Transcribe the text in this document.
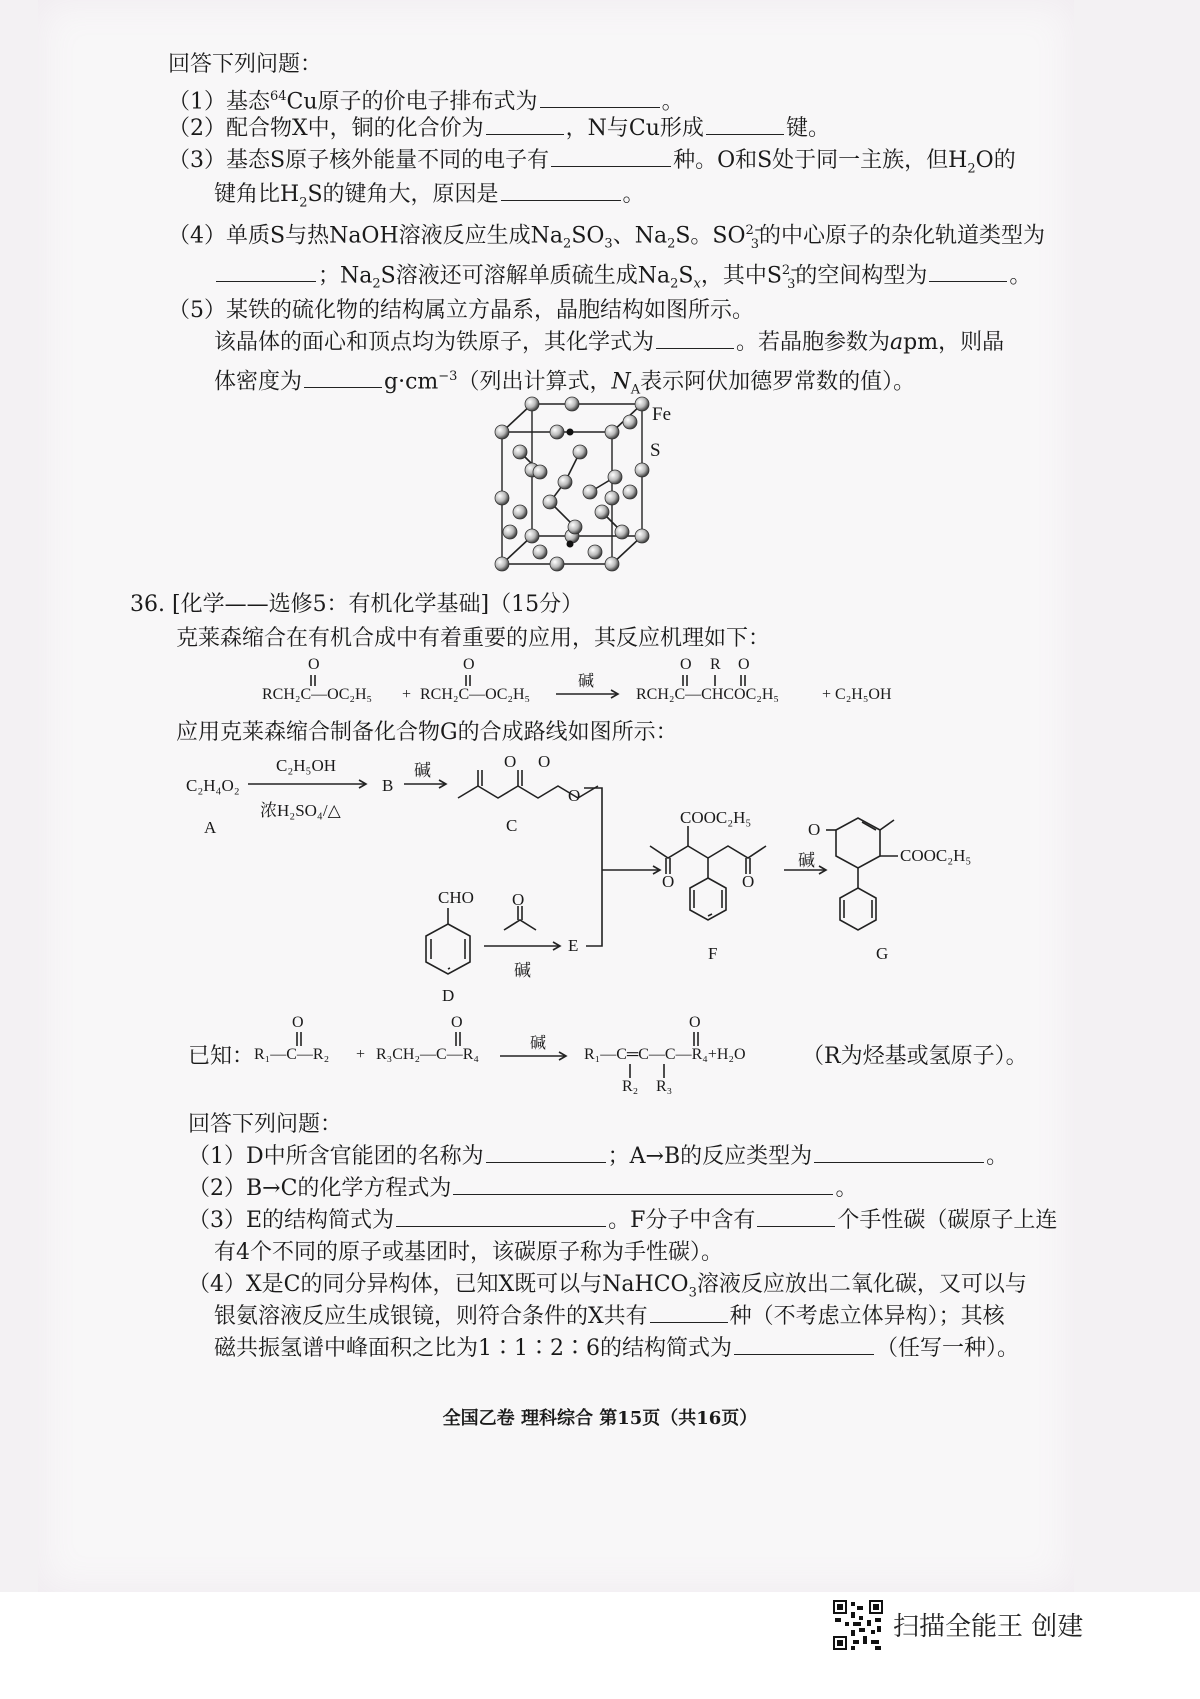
回答下列问题：
（1）基态$^{64}$Cu原子的价电子排布式为	。
（2）配合物X中，铜的化合价为	，N与Cu形成	键。
（3）基态S原子核外能量不同的电子有	种。O和S处于同一主族，但$H_2O$的
键角比$H_2S$的键角大，原因是	。
（4）单质S与热NaOH溶液反应生成$Na_2SO_3$、$Na_2S$。$SO^{2-}_3$的中心原子的杂化轨道类型为
；$Na_2S$溶液还可溶解单质硫生成$Na_2S_x$，其中$S^{2-}_3$的空间构型为	。
（5）某铁的硫化物的结构属立方晶系，晶胞结构如图所示。
该晶体的面心和顶点均为铁原子，其化学式为	。若晶胞参数为apm，则晶
体密度为	$g\cdot cm^{-3}$（列出计算式，$N_A$表示阿伏加德罗常数的值）。
Fe
S
36. [化学——选修5：有机化学基础]（15分）
克莱森缩合在有机合成中有着重要的应用，其反应机理如下：
O	O	O R O
RCH₂C—OC₂H₅ + RCH₂C—OC₂H₅
碱
RCH₂C—CHCOC₂H₅	+ C₂H₅OH
应用克莱森缩合制备化合物G的合成路线如图所示：
C₂H₄O₂
A
C₂H₅OH
浓H₂SO₄/△
B
碱
C
O O
O
COOC₂H₅
O	O
F
碱
O
COOC₂H₅
G
CHO
D
O
碱
E
已知：
O	O	O
R₁—C—R₂ + R₃CH₂—C—R₄
碱
R₁—C═C—C—R₄+H₂O
R₂ R₃
（R为烃基或氢原子）。
回答下列问题：
（1）D中所含官能团的名称为	；A→B的反应类型为	。
（2）B→C的化学方程式为	。
（3）E的结构简式为	。F分子中含有	个手性碳（碳原子上连
有4个不同的原子或基团时，该碳原子称为手性碳）。
（4）X是C的同分异构体，已知X既可以与NaHCO$_3$溶液反应放出二氧化碳，又可以与
银氨溶液反应生成银镜，则符合条件的X共有	种（不考虑立体异构）；其核
磁共振氢谱中峰面积之比为1∶1∶2∶6的结构简式为	（任写一种）。
全国乙卷 理科综合 第15页（共16页）
扫描全能王 创建
